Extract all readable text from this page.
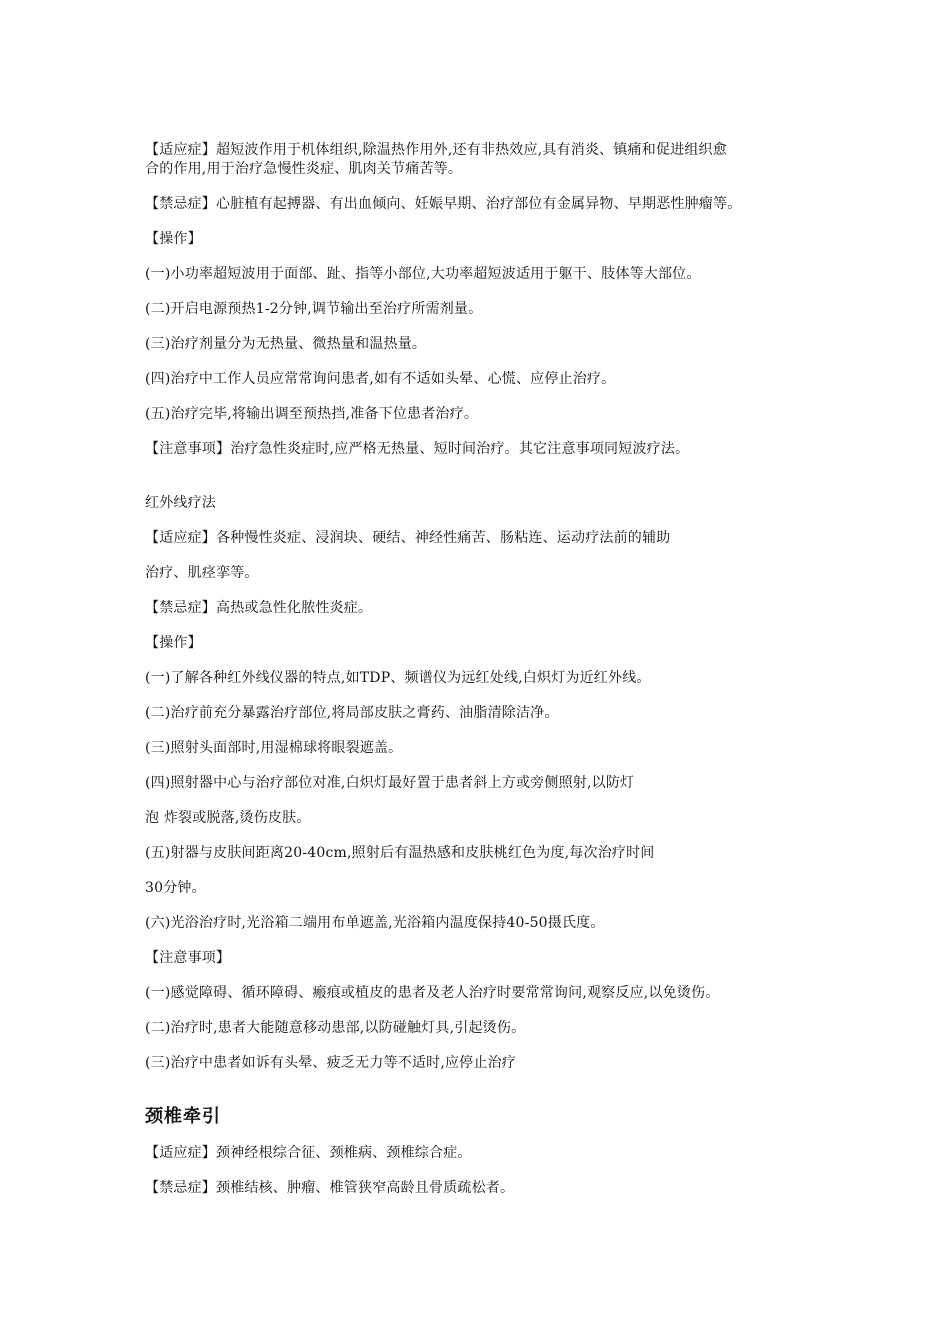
【适应症】超短波作用于机体组织,除温热作用外,还有非热效应,具有消炎、镇痛和促进组织愈
合的作用,用于治疗急慢性炎症、肌肉关节痛苦等。
【禁忌症】心脏植有起搏器、有出血倾向、妊娠早期、治疗部位有金属异物、早期恶性肿瘤等。
【操作】
(一)小功率超短波用于面部、趾、指等小部位,大功率超短波适用于躯干、肢体等大部位。
(二)开启电源预热1-2分钟,调节输出至治疗所需剂量。
(三)治疗剂量分为无热量、微热量和温热量。
(四)治疗中工作人员应常常询问患者,如有不适如头晕、心慌、应停止治疗。
(五)治疗完毕,将输出调至预热挡,准备下位患者治疗。
【注意事项】治疗急性炎症时,应严格无热量、短时间治疗。其它注意事项同短波疗法。
红外线疗法
【适应症】各种慢性炎症、浸润块、硬结、神经性痛苦、肠粘连、运动疗法前的辅助
治疗、肌痉挛等。
【禁忌症】高热或急性化脓性炎症。
【操作】
(一)了解各种红外线仪器的特点,如TDP、频谱仪为远红处线,白炽灯为近红外线。
(二)治疗前充分暴露治疗部位,将局部皮肤之膏药、油脂清除洁净。
(三)照射头面部时,用湿棉球将眼裂遮盖。
(四)照射器中心与治疗部位对准,白炽灯最好置于患者斜上方或旁侧照射,以防灯
泡 炸裂或脱落,烫伤皮肤。
(五)射器与皮肤间距离20-40cm,照射后有温热感和皮肤桃红色为度,每次治疗时间
30分钟。
(六)光浴治疗时,光浴箱二端用布单遮盖,光浴箱内温度保持40-50摄氏度。
【注意事项】
(一)感觉障碍、循环障碍、瘢痕或植皮的患者及老人治疗时要常常询问,观察反应,以免烫伤。
(二)治疗时,患者大能随意移动患部,以防碰触灯具,引起烫伤。
(三)治疗中患者如诉有头晕、疲乏无力等不适时,应停止治疗
颈椎牵引
【适应症】颈神经根综合征、颈椎病、颈椎综合症。
【禁忌症】颈椎结核、肿瘤、椎管狭窄高龄且骨质疏松者。
